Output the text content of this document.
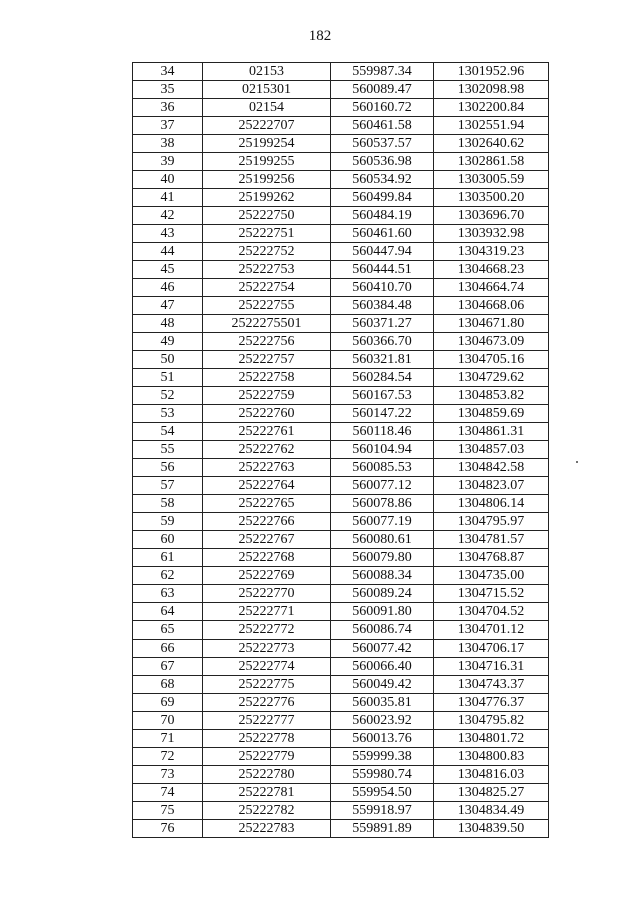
182
34	02153	559987.34	1301952.96
35	0215301	560089.47	1302098.98
36	02154	560160.72	1302200.84
37	25222707	560461.58	1302551.94
38	25199254	560537.57	1302640.62
39	25199255	560536.98	1302861.58
40	25199256	560534.92	1303005.59
41	25199262	560499.84	1303500.20
42	25222750	560484.19	1303696.70
43	25222751	560461.60	1303932.98
44	25222752	560447.94	1304319.23
45	25222753	560444.51	1304668.23
46	25222754	560410.70	1304664.74
47	25222755	560384.48	1304668.06
48	2522275501	560371.27	1304671.80
49	25222756	560366.70	1304673.09
50	25222757	560321.81	1304705.16
51	25222758	560284.54	1304729.62
52	25222759	560167.53	1304853.82
53	25222760	560147.22	1304859.69
54	25222761	560118.46	1304861.31
55	25222762	560104.94	1304857.03
56	25222763	560085.53	1304842.58
57	25222764	560077.12	1304823.07
58	25222765	560078.86	1304806.14
59	25222766	560077.19	1304795.97
60	25222767	560080.61	1304781.57
61	25222768	560079.80	1304768.87
62	25222769	560088.34	1304735.00
63	25222770	560089.24	1304715.52
64	25222771	560091.80	1304704.52
65	25222772	560086.74	1304701.12
66	25222773	560077.42	1304706.17
67	25222774	560066.40	1304716.31
68	25222775	560049.42	1304743.37
69	25222776	560035.81	1304776.37
70	25222777	560023.92	1304795.82
71	25222778	560013.76	1304801.72
72	25222779	559999.38	1304800.83
73	25222780	559980.74	1304816.03
74	25222781	559954.50	1304825.27
75	25222782	559918.97	1304834.49
76	25222783	559891.89	1304839.50
